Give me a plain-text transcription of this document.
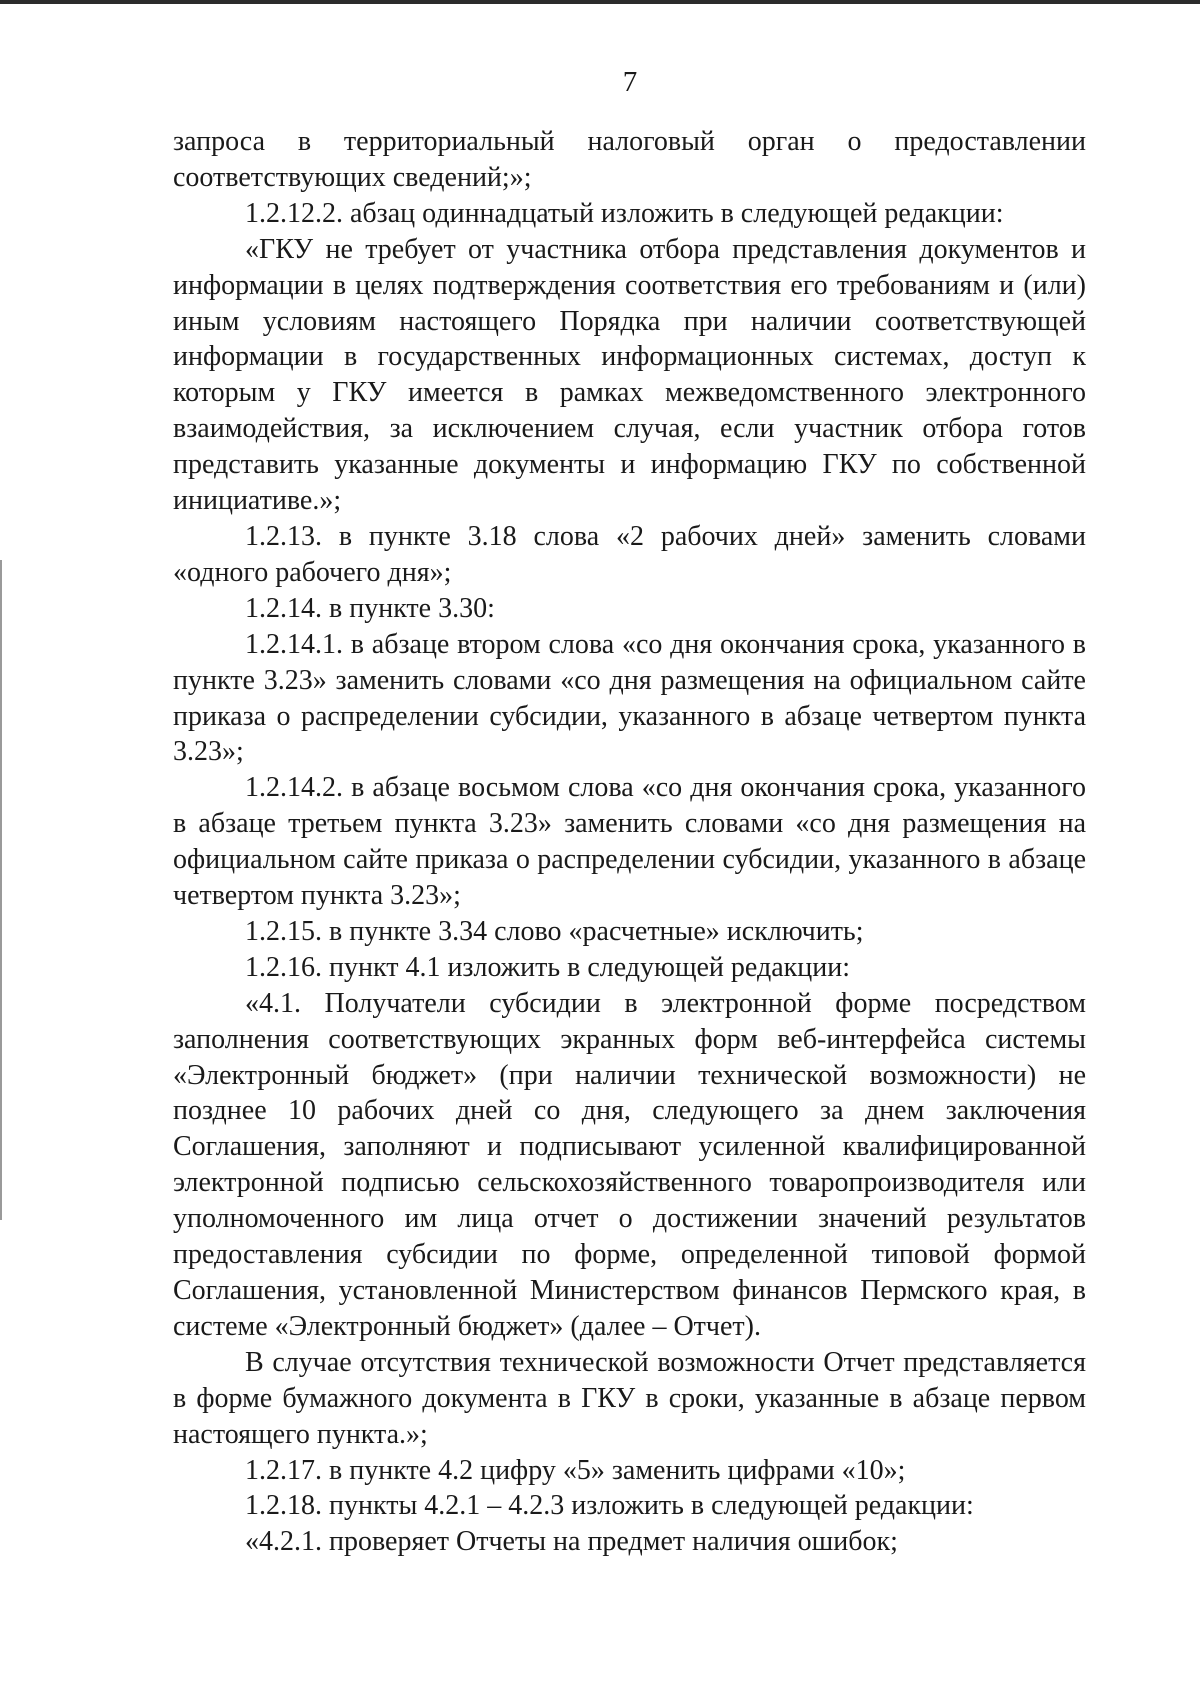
7

запроса в территориальный налоговый орган о предоставлении соответствующих сведений;»;

1.2.12.2. абзац одиннадцатый изложить в следующей редакции:

«ГКУ не требует от участника отбора представления документов и информации в целях подтверждения соответствия его требованиям и (или) иным условиям настоящего Порядка при наличии соответствующей информации в государственных информационных системах, доступ к которым у ГКУ имеется в рамках межведомственного электронного взаимодействия, за исключением случая, если участник отбора готов представить указанные документы и информацию ГКУ по собственной инициативе.»;

1.2.13. в пункте 3.18 слова «2 рабочих дней» заменить словами «одного рабочего дня»;

1.2.14. в пункте 3.30:

1.2.14.1. в абзаце втором слова «со дня окончания срока, указанного в пункте 3.23» заменить словами «со дня размещения на официальном сайте приказа о распределении субсидии, указанного в абзаце четвертом пункта 3.23»;

1.2.14.2. в абзаце восьмом слова «со дня окончания срока, указанного в абзаце третьем пункта 3.23» заменить словами «со дня размещения на официальном сайте приказа о распределении субсидии, указанного в абзаце четвертом пункта 3.23»;

1.2.15. в пункте 3.34 слово «расчетные» исключить;

1.2.16. пункт 4.1 изложить в следующей редакции:

«4.1. Получатели субсидии в электронной форме посредством заполнения соответствующих экранных форм веб-интерфейса системы «Электронный бюджет» (при наличии технической возможности) не позднее 10 рабочих дней со дня, следующего за днем заключения Соглашения, заполняют и подписывают усиленной квалифицированной электронной подписью сельскохозяйственного товаропроизводителя или уполномоченного им лица отчет о достижении значений результатов предоставления субсидии по форме, определенной типовой формой Соглашения, установленной Министерством финансов Пермского края, в системе «Электронный бюджет» (далее – Отчет).

В случае отсутствия технической возможности Отчет представляется в форме бумажного документа в ГКУ в сроки, указанные в абзаце первом настоящего пункта.»;

1.2.17. в пункте 4.2 цифру «5» заменить цифрами «10»;

1.2.18. пункты 4.2.1 – 4.2.3 изложить в следующей редакции:

«4.2.1. проверяет Отчеты на предмет наличия ошибок;
